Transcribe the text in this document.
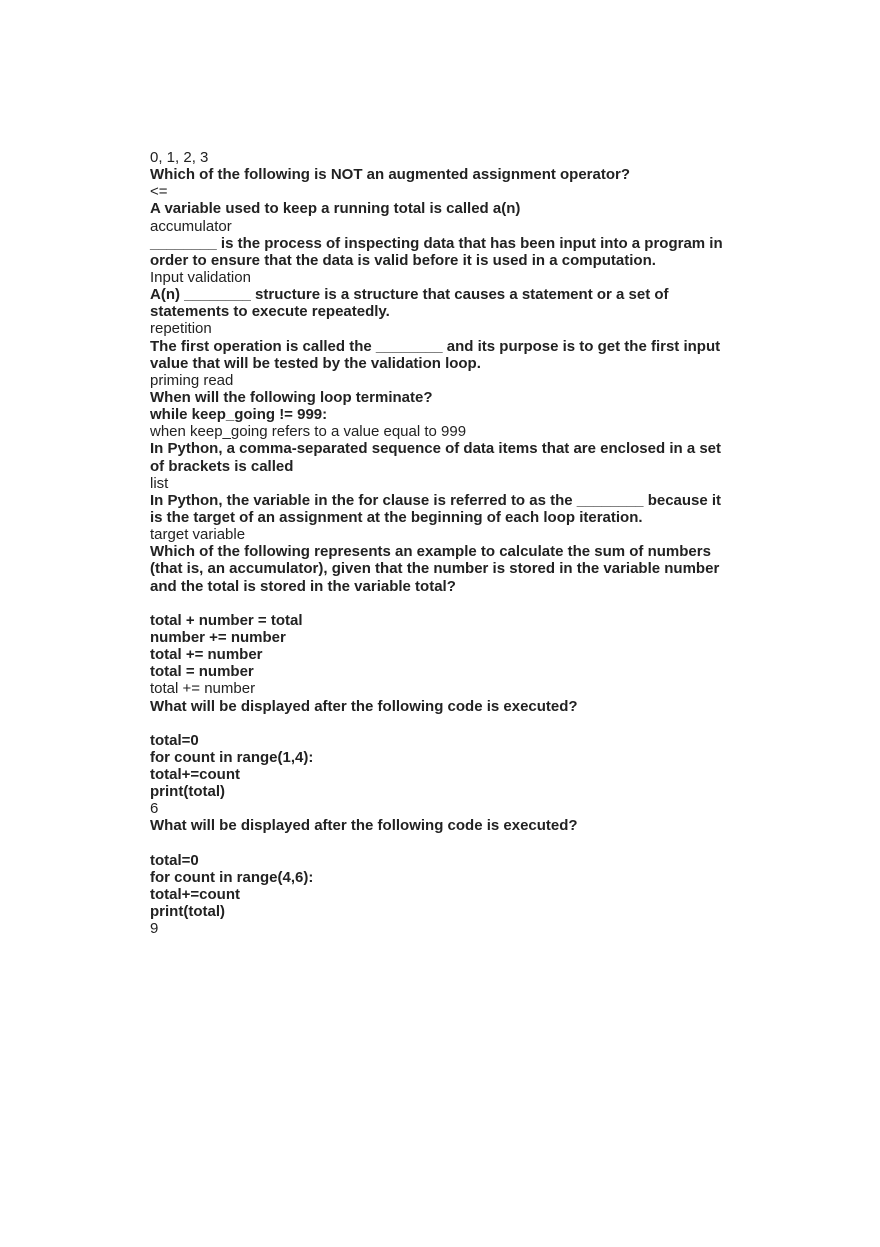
0, 1, 2, 3
Which of the following is NOT an augmented assignment operator?
<=
A variable used to keep a running total is called a(n)
accumulator
________ is the process of inspecting data that has been input into a program in
order to ensure that the data is valid before it is used in a computation.
Input validation
A(n) ________ structure is a structure that causes a statement or a set of
statements to execute repeatedly.
repetition
The first operation is called the ________ and its purpose is to get the first input
value that will be tested by the validation loop.
priming read
When will the following loop terminate?
while keep_going != 999:
when keep_going refers to a value equal to 999
In Python, a comma-separated sequence of data items that are enclosed in a set
of brackets is called
list
In Python, the variable in the for clause is referred to as the ________ because it
is the target of an assignment at the beginning of each loop iteration.
target variable
Which of the following represents an example to calculate the sum of numbers
(that is, an accumulator), given that the number is stored in the variable number
and the total is stored in the variable total?
total + number = total
number += number
total += number
total = number
total += number
What will be displayed after the following code is executed?
total=0
for count in range(1,4):
total+=count
print(total)
6
What will be displayed after the following code is executed?
total=0
for count in range(4,6):
total+=count
print(total)
9
